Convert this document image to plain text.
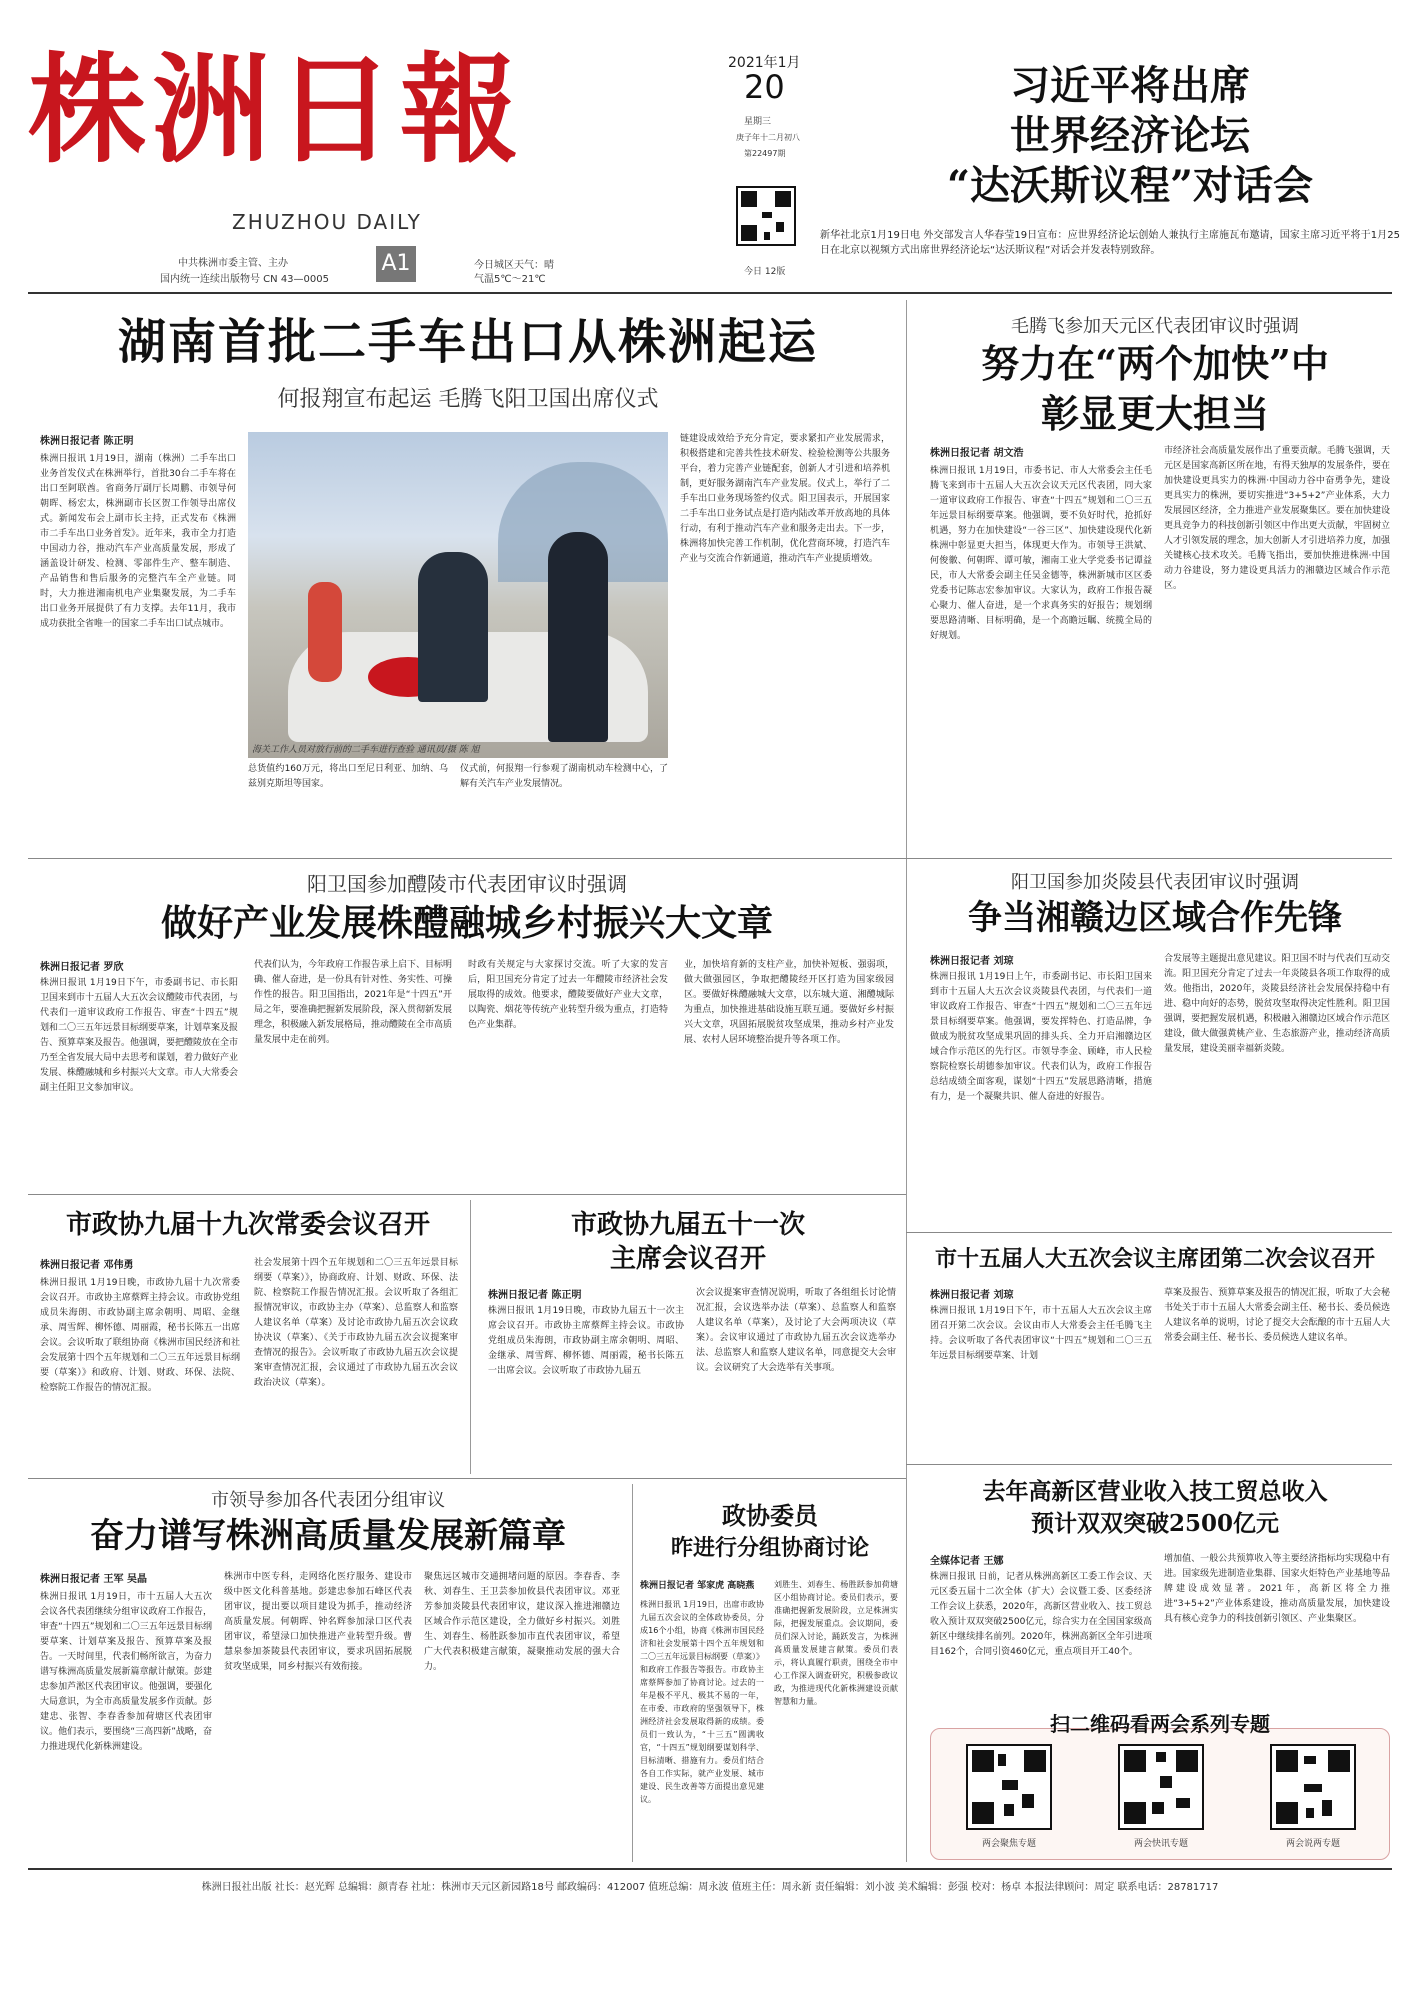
株洲日報
ZHUZHOU DAILY
中共株洲市委主管、主办
国内统一连续出版物号 CN 43—0005
A1	今日城区天气：晴
气温5℃～21℃
2021年1月
20
星期三
庚子年十二月初八
第22497期
今日 12版
习近平将出席
世界经济论坛
“达沃斯议程”对话会
新华社北京1月19日电 外交部发言人华春莹19日宣布：应世界经济论坛创始人兼执行主席施瓦布邀请，国家主席习近平将于1月25日在北京以视频方式出席世界经济论坛“达沃斯议程”对话会并发表特别致辞。
湖南首批二手车出口从株洲起运
何报翔宣布起运 毛腾飞阳卫国出席仪式
株洲日报记者 陈正明
株洲日报讯 1月19日，湖南（株洲）二手车出口业务首发仪式在株洲举行，首批30台二手车将在出口至阿联酋。省商务厅副厅长周鹏、市领导何朝晖、杨宏太，株洲副市长区贺工作领导出席仪式。新闻发布会上副市长主持，正式发布《株洲市二手车出口业务首发》。近年来，我市全力打造中国动力谷，推动汽车产业高质量发展，形成了涵盖设计研发、检测、零部件生产、整车制造、产品销售和售后服务的完整汽车全产业链。同时，大力推进湘南机电产业集聚发展，为二手车出口业务开展提供了有力支撑。去年11月，我市成功获批全省唯一的国家二手车出口试点城市。
海关工作人员对放行前的二手车进行查验 通讯员/摄 陈 旭
总货值约160万元，将出口至尼日利亚、加纳、乌兹别克斯坦等国家。
仪式前，何报翔一行参观了湖南机动车检测中心，了解有关汽车产业发展情况。
链建设成效给予充分肯定，要求紧扣产业发展需求，积极搭建和完善共性技术研发、检验检测等公共服务平台，着力完善产业链配套，创新人才引进和培养机制，更好服务湖南汽车产业发展。仪式上，举行了二手车出口业务现场签约仪式。阳卫国表示，开展国家二手车出口业务试点是打造内陆改革开放高地的具体行动，有利于推动汽车产业和服务走出去。下一步，株洲将加快完善工作机制，优化营商环境，打造汽车产业与交流合作新通道，推动汽车产业提质增效。
毛腾飞参加天元区代表团审议时强调
努力在“两个加快”中
彰显更大担当
株洲日报记者 胡文浩
株洲日报讯 1月19日，市委书记、市人大常委会主任毛腾飞来到市十五届人大五次会议天元区代表团，同大家一道审议政府工作报告、审查“十四五”规划和二〇三五年远景目标纲要草案。他强调，要不负好时代，抢抓好机遇，努力在加快建设“一谷三区”、加快建设现代化新株洲中彰显更大担当，体现更大作为。市领导王洪斌、何俊徽、何朝晖、谭可敏，湘南工业大学党委书记谭益民，市人大常委会副主任吴金德等，株洲新城市区区委党委书记陈志宏参加审议。大家认为，政府工作报告凝心聚力、催人奋进，是一个求真务实的好报告；规划纲要思路清晰、目标明确，是一个高瞻远瞩、统揽全局的好规划。
市经济社会高质量发展作出了重要贡献。毛腾飞强调，天元区是国家高新区所在地，有得天独厚的发展条件，要在加快建设更具实力的株洲·中国动力谷中奋勇争先，建设更具实力的株洲，要切实推进“3+5+2”产业体系，大力发展园区经济，全力推进产业发展聚集区。要在加快建设更具竞争力的科技创新引领区中作出更大贡献，牢固树立人才引领发展的理念，加大创新人才引进培养力度，加强关键核心技术攻关。毛腾飞指出，要加快推进株洲·中国动力谷建设，努力建设更具活力的湘赣边区域合作示范区。
阳卫国参加醴陵市代表团审议时强调
做好产业发展株醴融城乡村振兴大文章
株洲日报记者 罗欣
株洲日报讯 1月19日下午，市委副书记、市长阳卫国来到市十五届人大五次会议醴陵市代表团，与代表们一道审议政府工作报告、审查“十四五”规划和二〇三五年远景目标纲要草案，计划草案及报告、预算草案及报告。他强调，要把醴陵放在全市乃至全省发展大局中去思考和谋划，着力做好产业发展、株醴融城和乡村振兴大文章。市人大常委会副主任阳卫文参加审议。
代表们认为，今年政府工作报告承上启下、目标明确、催人奋进，是一份具有针对性、务实性、可操作性的报告。阳卫国指出，2021年是“十四五”开局之年，要准确把握新发展阶段，深入贯彻新发展理念，积极融入新发展格局，推动醴陵在全市高质量发展中走在前列。
时政有关规定与大家探讨交流。听了大家的发言后，阳卫国充分肯定了过去一年醴陵市经济社会发展取得的成效。他要求，醴陵要做好产业大文章，以陶瓷、烟花等传统产业转型升级为重点，打造特色产业集群。
业，加快培育新的支柱产业，加快补短板、强弱项，做大做强园区，争取把醴陵经开区打造为国家级园区。要做好株醴融城大文章，以东城大道、湘醴城际为重点，加快推进基础设施互联互通。要做好乡村振兴大文章，巩固拓展脱贫攻坚成果，推动乡村产业发展、农村人居环境整治提升等各项工作。
阳卫国参加炎陵县代表团审议时强调
争当湘赣边区域合作先锋
株洲日报记者 刘琼
株洲日报讯 1月19日上午，市委副书记、市长阳卫国来到市十五届人大五次会议炎陵县代表团，与代表们一道审议政府工作报告、审查“十四五”规划和二〇三五年远景目标纲要草案。他强调，要发挥特色、打造品牌，争做成为脱贫攻坚成果巩固的排头兵、全力开启湘赣边区域合作示范区的先行区。市领导李金、顾峰，市人民检察院检察长胡德参加审议。代表们认为，政府工作报告总结成绩全面客观，谋划“十四五”发展思路清晰，措施有力，是一个凝聚共识、催人奋进的好报告。
合发展等主题提出意见建议。阳卫国不时与代表们互动交流。阳卫国充分肯定了过去一年炎陵县各项工作取得的成效。他指出，2020年，炎陵县经济社会发展保持稳中有进、稳中向好的态势，脱贫攻坚取得决定性胜利。阳卫国强调，要把握发展机遇，积极融入湘赣边区域合作示范区建设，做大做强黄桃产业、生态旅游产业，推动经济高质量发展，建设美丽幸福新炎陵。
市政协九届十九次常委会议召开
株洲日报记者 邓伟勇
株洲日报讯 1月19日晚，市政协九届十九次常委会议召开。市政协主席蔡辉主持会议。市政协党组成员朱海朗、市政协副主席余朝明、周昭、金继承、周雪辉、柳怀德、周丽霞，秘书长陈五一出席会议。会议听取了联组协商《株洲市国民经济和社会发展第十四个五年规划和二〇三五年远景目标纲要（草案）》和政府、计划、财政、环保、法院、检察院工作报告的情况汇报。
社会发展第十四个五年规划和二〇三五年远景目标纲要（草案）》，协商政府、计划、财政、环保、法院、检察院工作报告情况汇报。会议听取了各组汇报情况审议，市政协主办（草案）、总监察人和监察人建议名单（草案）及讨论市政协九届五次会议政协决议（草案）、《关于市政协九届五次会议提案审查情况的报告》。会议听取了市政协九届五次会议提案审查情况汇报，会议通过了市政协九届五次会议政治决议（草案）。
市政协九届五十一次
主席会议召开
株洲日报记者 陈正明
株洲日报讯 1月19日晚，市政协九届五十一次主席会议召开。市政协主席蔡辉主持会议。市政协党组成员朱海朗，市政协副主席余朝明、周昭、金继承、周雪辉、柳怀德、周丽霞，秘书长陈五一出席会议。会议听取了市政协九届五
次会议提案审查情况说明，听取了各组组长讨论情况汇报，会议选举办法（草案）、总监察人和监察人建议名单（草案），及讨论了大会两项决议（草案）。会议审议通过了市政协九届五次会议选举办法、总监察人和监察人建议名单，同意提交大会审议。会议研究了大会选举有关事项。
市十五届人大五次会议主席团第二次会议召开
株洲日报记者 刘琼
株洲日报讯 1月19日下午，市十五届人大五次会议主席团召开第二次会议。会议由市人大常委会主任毛腾飞主持。会议听取了各代表团审议“十四五”规划和二〇三五年远景目标纲要草案、计划
草案及报告、预算草案及报告的情况汇报，听取了大会秘书处关于市十五届人大常委会副主任、秘书长、委员候选人建议名单的说明，讨论了提交大会酝酿的市十五届人大常委会副主任、秘书长、委员候选人建议名单。
市领导参加各代表团分组审议
奋力谱写株洲高质量发展新篇章
株洲日报记者 王军 吴晶
株洲日报讯 1月19日，市十五届人大五次会议各代表团继续分组审议政府工作报告，审查“十四五”规划和二〇三五年远景目标纲要草案、计划草案及报告、预算草案及报告。一天时间里，代表们畅所欲言，为奋力谱写株洲高质量发展新篇章献计献策。彭建忠参加芦淞区代表团审议。他强调，要强化大局意识，为全市高质量发展多作贡献。彭建忠、张智、李春香参加荷塘区代表团审议。他们表示，要围绕“三高四新”战略，奋力推进现代化新株洲建设。
株洲市中医专科，走网络化医疗服务、建设市级中医文化科普基地。彭建忠参加石峰区代表团审议，提出要以项目建设为抓手，推动经济高质量发展。何朝晖、钟名辉参加渌口区代表团审议，希望渌口加快推进产业转型升级。曹慧泉参加茶陵县代表团审议，要求巩固拓展脱贫攻坚成果，同乡村振兴有效衔接。
聚焦远区城市交通拥堵问题的原因。李春香、李秋、刘春生、王卫芸参加攸县代表团审议。邓亚芳参加炎陵县代表团审议，建议深入推进湘赣边区域合作示范区建设，全力做好乡村振兴。刘胜生、刘春生、杨胜跃参加市直代表团审议，希望广大代表积极建言献策，凝聚推动发展的强大合力。
政协委员
昨进行分组协商讨论
株洲日报记者 邹家虎 高晓燕
株洲日报讯 1月19日，出席市政协九届五次会议的全体政协委员，分成16个小组，协商《株洲市国民经济和社会发展第十四个五年规划和二〇三五年远景目标纲要（草案）》和政府工作报告等报告。市政协主席蔡辉参加了协商讨论。过去的一年是极不平凡、极其不易的一年，在市委、市政府的坚强领导下，株洲经济社会发展取得新的成绩。委员们一致认为，“十三五”圆满收官，“十四五”规划纲要谋划科学、目标清晰、措施有力。委员们结合各自工作实际，就产业发展、城市建设、民生改善等方面提出意见建议。
刘胜生、刘春生、杨胜跃参加荷塘区小组协商讨论。委员们表示，要准确把握新发展阶段，立足株洲实际，把握发展重点。会议期间，委员们深入讨论，踊跃发言，为株洲高质量发展建言献策。委员们表示，将认真履行职责，围绕全市中心工作深入调查研究，积极参政议政，为推进现代化新株洲建设贡献智慧和力量。
去年高新区营业收入技工贸总收入
预计双双突破2500亿元
全媒体记者 王娜
株洲日报讯 日前，记者从株洲高新区工委工作会议、天元区委五届十二次全体（扩大）会议暨工委、区委经济工作会议上获悉，2020年，高新区营业收入、技工贸总收入预计双双突破2500亿元，综合实力在全国国家级高新区中继续排名前列。2020年，株洲高新区全年引进项目162个，合同引资460亿元，重点项目开工40个。
增加值、一般公共预算收入等主要经济指标均实现稳中有进。国家级先进制造业集群、国家火炬特色产业基地等品牌建设成效显著。2021年，高新区将全力推进“3+5+2”产业体系建设，推动高质量发展，加快建设具有核心竞争力的科技创新引领区、产业集聚区。
扫二维码看两会系列专题
两会聚焦专题	两会快讯专题	两会说两专题
株洲日报社出版 社长：赵光辉 总编辑：颜青春 社址：株洲市天元区新园路18号 邮政编码：412007 值班总编：周永波 值班主任：周永新 责任编辑：刘小波 美术编辑：彭强 校对：杨卓 本报法律顾问：周定 联系电话：28781717
